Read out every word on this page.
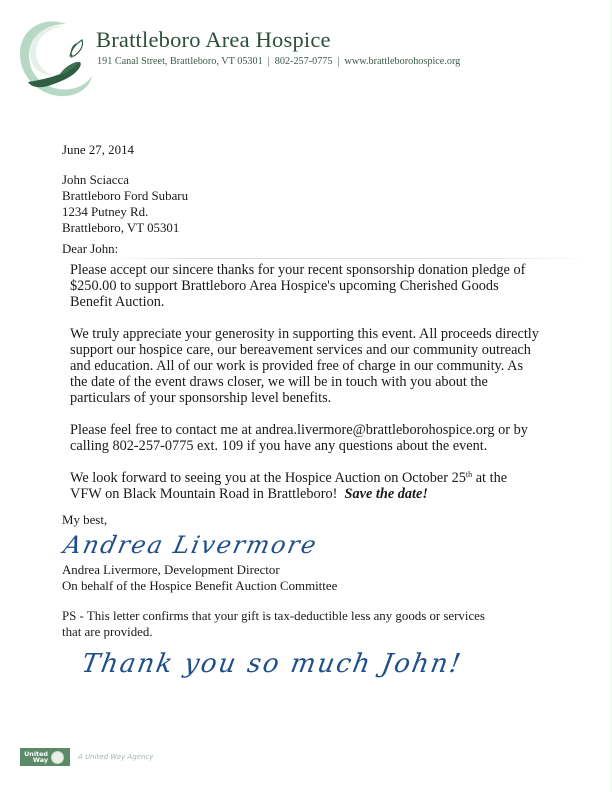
Brattleboro Area Hospice
191 Canal Street, Brattleboro, VT 05301 | 802-257-0775 | www.brattleborohospice.org
June 27, 2014
John Sciacca
Brattleboro Ford Subaru
1234 Putney Rd.
Brattleboro, VT 05301
Dear John:
Please accept our sincere thanks for your recent sponsorship donation pledge of
$250.00 to support Brattleboro Area Hospice's upcoming Cherished Goods
Benefit Auction.
We truly appreciate your generosity in supporting this event. All proceeds directly
support our hospice care, our bereavement services and our community outreach
and education. All of our work is provided free of charge in our community. As
the date of the event draws closer, we will be in touch with you about the
particulars of your sponsorship level benefits.
Please feel free to contact me at andrea.livermore@brattleborohospice.org or by
calling 802-257-0775 ext. 109 if you have any questions about the event.
We look forward to seeing you at the Hospice Auction on October 25th at the
VFW on Black Mountain Road in Brattleboro!  Save the date!
My best,
Andrea Livermore
Andrea Livermore, Development Director
On behalf of the Hospice Benefit Auction Committee
PS - This letter confirms that your gift is tax-deductible less any goods or services
that are provided.
Thank you so much John!
United
Way	A United Way Agency
